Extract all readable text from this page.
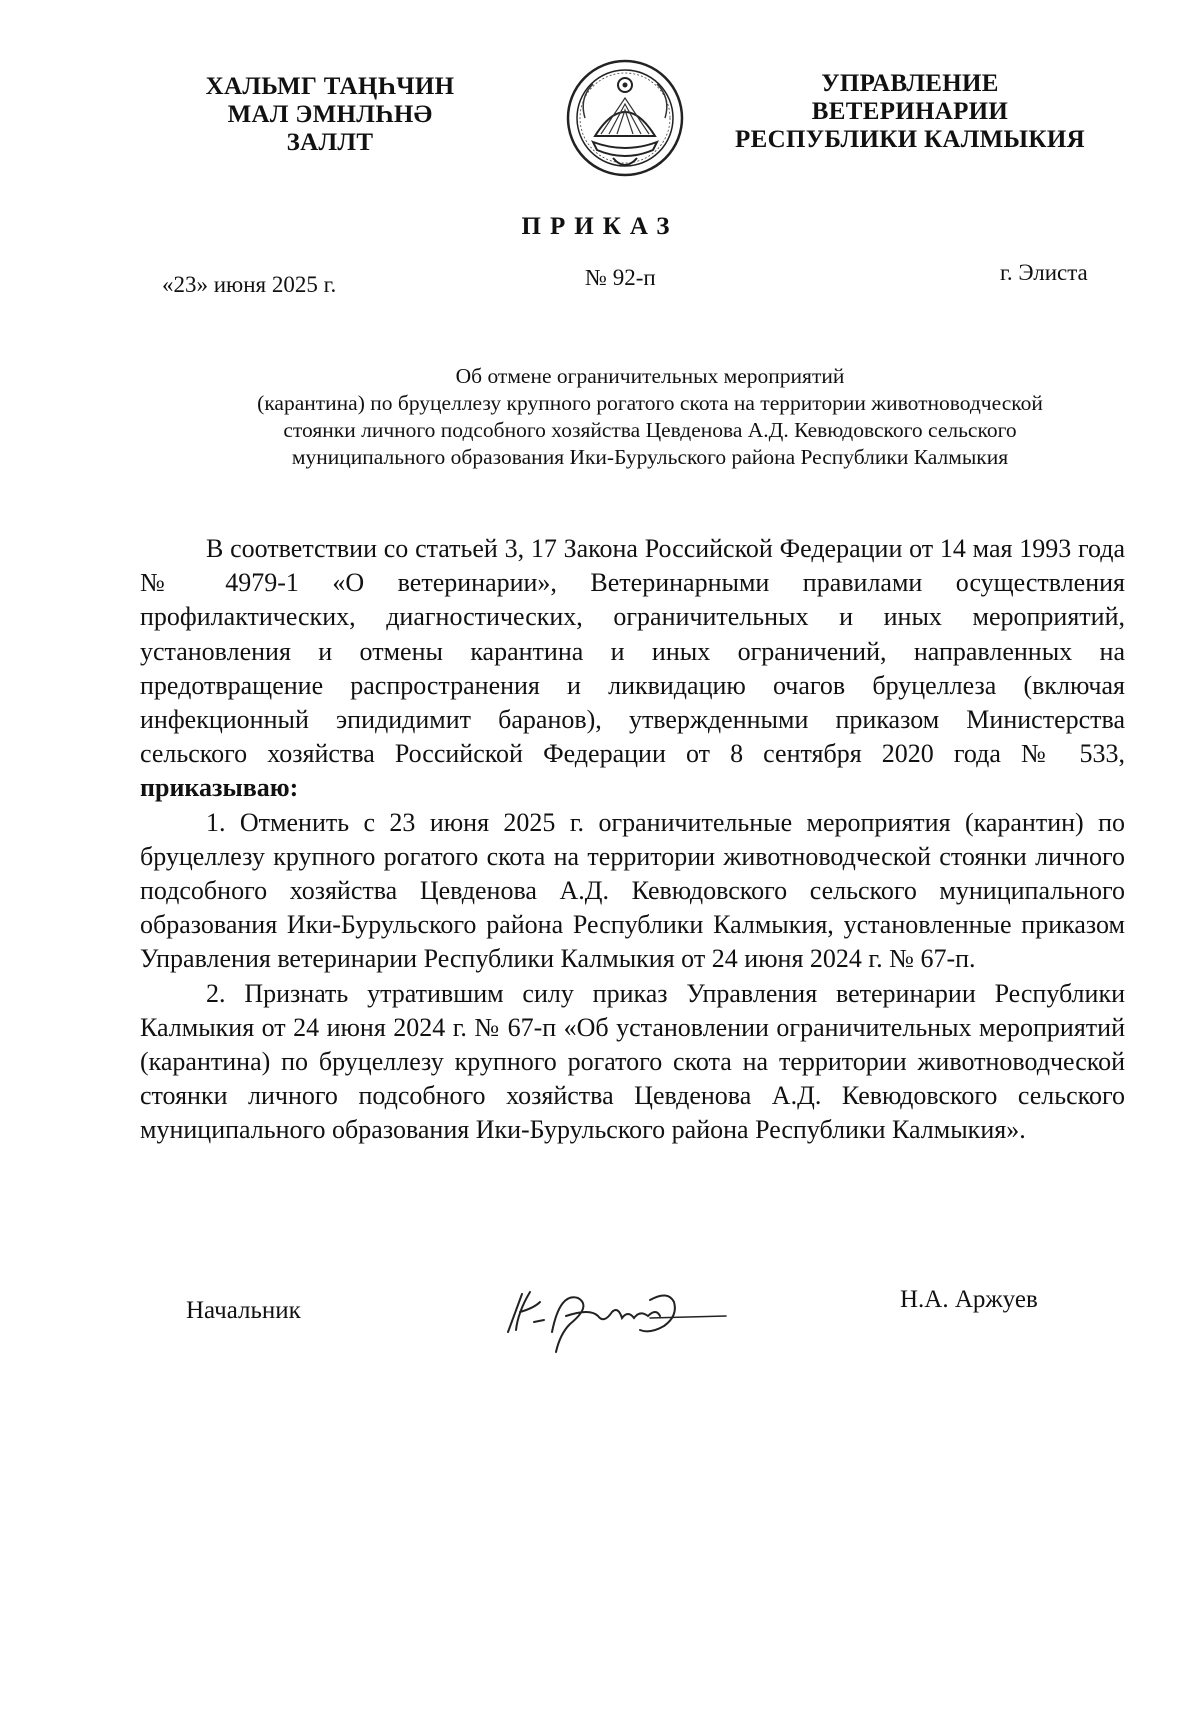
ХАЛЬМГ ТАҢҺЧИН
МАЛ ЭМНЛҺНӘ
ЗАЛЛТ
УПРАВЛЕНИЕ
ВЕТЕРИНАРИИ
РЕСПУБЛИКИ КАЛМЫКИЯ
ПРИКАЗ
«23» июня 2025 г.	№ 92-п	г. Элиста
Об отмене ограничительных мероприятий
(карантина) по бруцеллезу крупного рогатого скота на территории животноводческой
стоянки личного подсобного хозяйства Цевденова А.Д. Кевюдовского сельского
муниципального образования Ики-Бурульского района Республики Калмыкия

В соответствии со статьей 3, 17 Закона Российской Федерации от 14 мая 1993 года № 4979-1 «О ветеринарии», Ветеринарными правилами осуществления профилактических, диагностических, ограничительных и иных мероприятий, установления и отмены карантина и иных ограничений, направленных на предотвращение распространения и ликвидацию очагов бруцеллеза (включая инфекционный эпидидимит баранов), утвержденными приказом Министерства сельского хозяйства Российской Федерации от 8 сентября 2020 года № 533, приказываю:

1. Отменить с 23 июня 2025 г. ограничительные мероприятия (карантин) по бруцеллезу крупного рогатого скота на территории животноводческой стоянки личного подсобного хозяйства Цевденова А.Д. Кевюдовского сельского муниципального образования Ики-Бурульского района Республики Калмыкия, установленные приказом Управления ветеринарии Республики Калмыкия от 24 июня 2024 г. № 67-п.

2. Признать утратившим силу приказ Управления ветеринарии Республики Калмыкия от 24 июня 2024 г. № 67-п «Об установлении ограничительных мероприятий (карантина) по бруцеллезу крупного рогатого скота на территории животноводческой стоянки личного подсобного хозяйства Цевденова А.Д. Кевюдовского сельского муниципального образования Ики-Бурульского района Республики Калмыкия».

Начальник	Н.А. Аржуев
